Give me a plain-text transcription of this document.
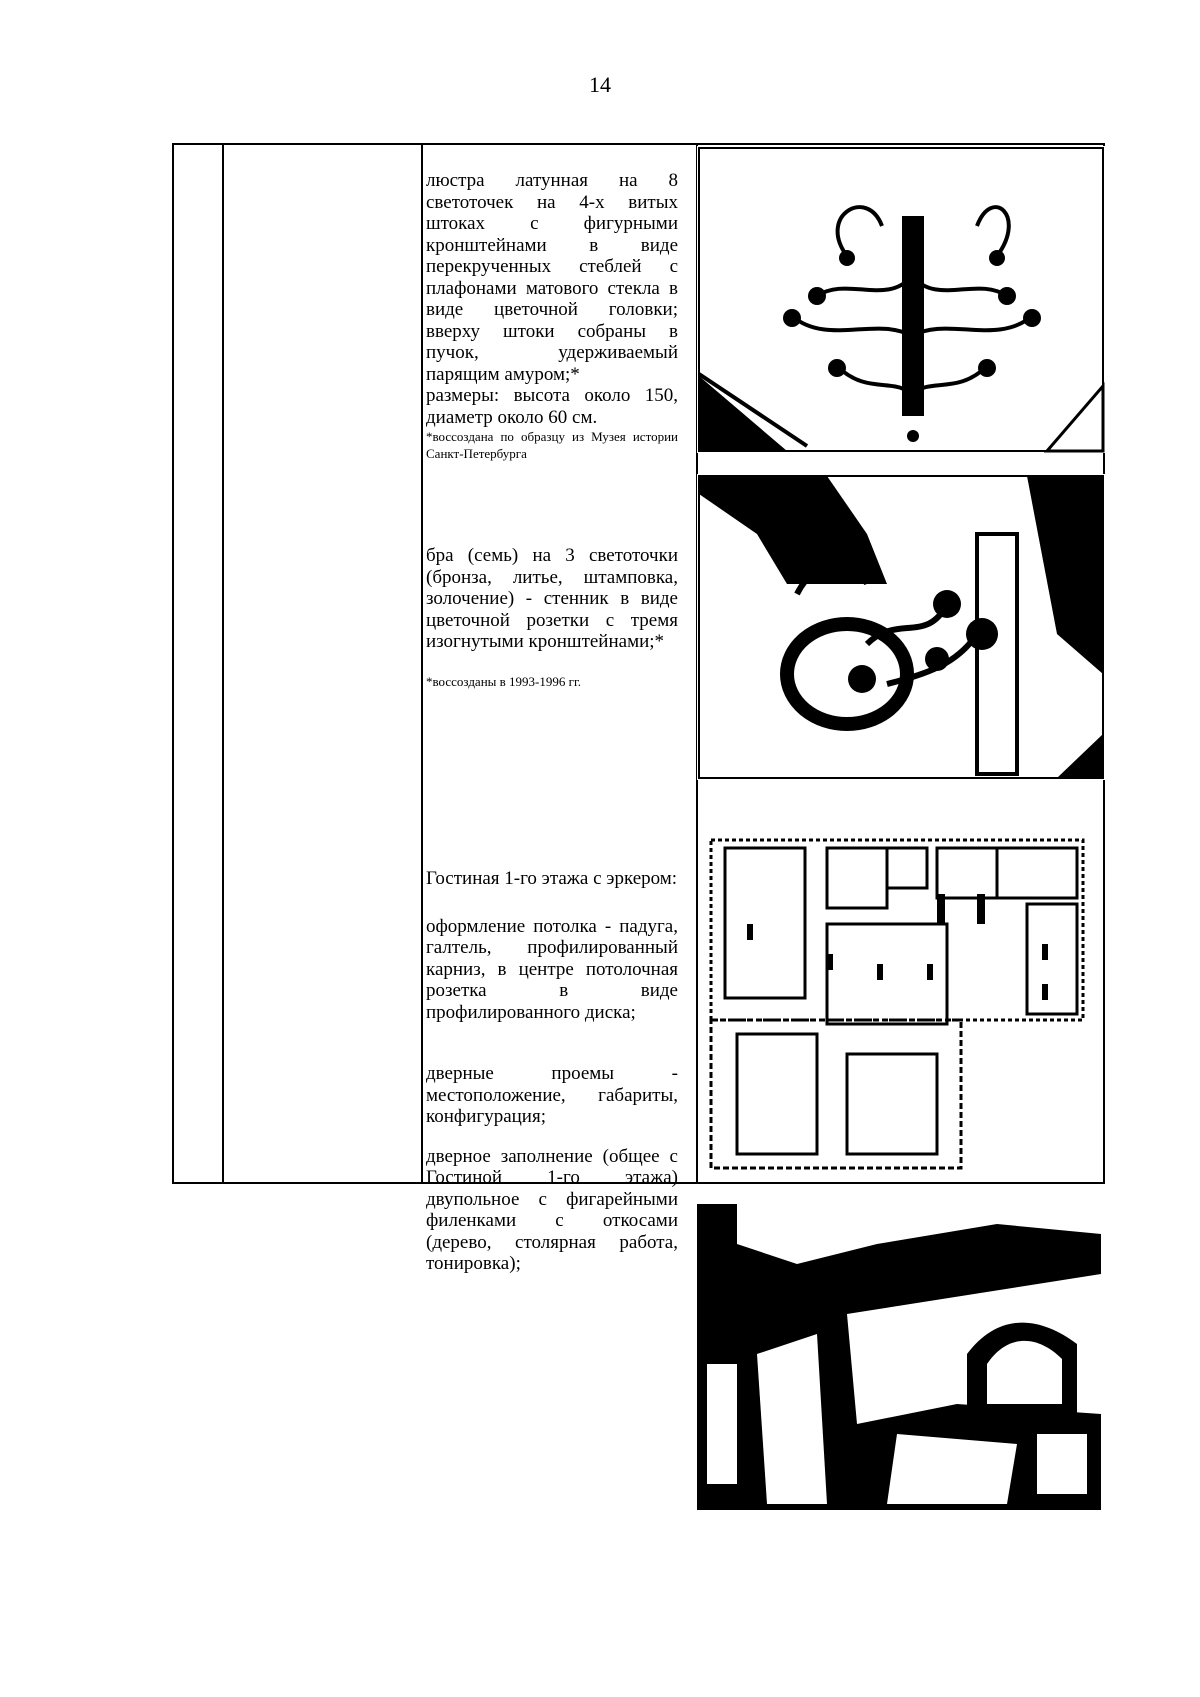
14

люстра латунная на 8 светоточек на 4-х витых штоках с фигурными кронштейнами в виде перекрученных стеблей с плафонами матового стекла в виде цветочной головки; вверху штоки собраны в пучок, удерживаемый парящим амуром;*

размеры: высота около 150, диаметр около 60 см.

*воссоздана по образцу из Музея истории Санкт-Петербурга

бра (семь) на 3 светоточки (бронза, литье, штамповка, золочение) - стенник в виде цветочной розетки с тремя изогнутыми кронштейнами;*

*воссозданы в 1993-1996 гг.

Гостиная 1-го этажа с эркером:

оформление потолка - падуга, галтель, профилированный карниз, в центре потолочная розетка в виде профилированного диска;

дверные проемы - местоположение, габариты, конфигурация;

дверное заполнение (общее с Гостиной 1-го этажа) двупольное с фигарейными филенками с откосами (дерево, столярная работа, тонировка);
